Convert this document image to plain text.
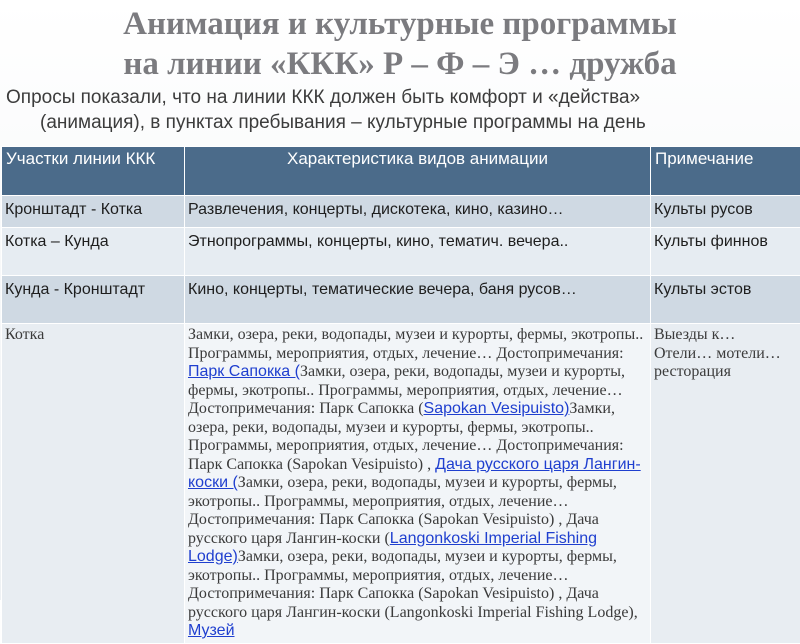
Анимация и культурные программы
на линии «ККК» Р – Ф – Э … дружба
Опросы показали, что на линии ККК должен быть комфорт и «действа»
(анимация), в пунктах пребывания – культурные программы на день
Участки линии ККК	Характеристика видов анимации	Примечание
Кронштадт - Котка	Развлечения, концерты, дискотека, кино, казино…	Культы русов
Котка – Кунда	Этнопрограммы, концерты, кино, тематич. вечера..	Культы финнов
Кунда - Кронштадт	Кино, концерты, тематические вечера, баня русов…	Культы эстов
Котка	Замки, озера, реки, водопады, музеи и курорты, фермы, экотропы.. Программы, мероприятия, отдых, лечение… Достопримечания: Парк Сапокка (Замки, озера, реки, водопады, музеи и курорты, фермы, экотропы.. Программы, мероприятия, отдых, лечение… Достопримечания: Парк Сапокка (Sapokan Vesipuisto)Замки, озера, реки, водопады, музеи и курорты, фермы, экотропы.. Программы, мероприятия, отдых, лечение… Достопримечания: Парк Сапокка (Sapokan Vesipuisto) , Дача русского царя Лангин-коски (Замки, озера, реки, водопады, музеи и курорты, фермы, экотропы.. Программы, мероприятия, отдых, лечение… Достопримечания: Парк Сапокка (Sapokan Vesipuisto) , Дача русского царя Лангин-коски (Langonkoski Imperial Fishing Lodge)Замки, озера, реки, водопады, музеи и курорты, фермы, экотропы.. Программы, мероприятия, отдых, лечение… Достопримечания: Парк Сапокка (Sapokan Vesipuisto) , Дача русского царя Лангин-коски (Langonkoski Imperial Fishing Lodge), Музей	Выезды к… Отели… мотели… ресторация
